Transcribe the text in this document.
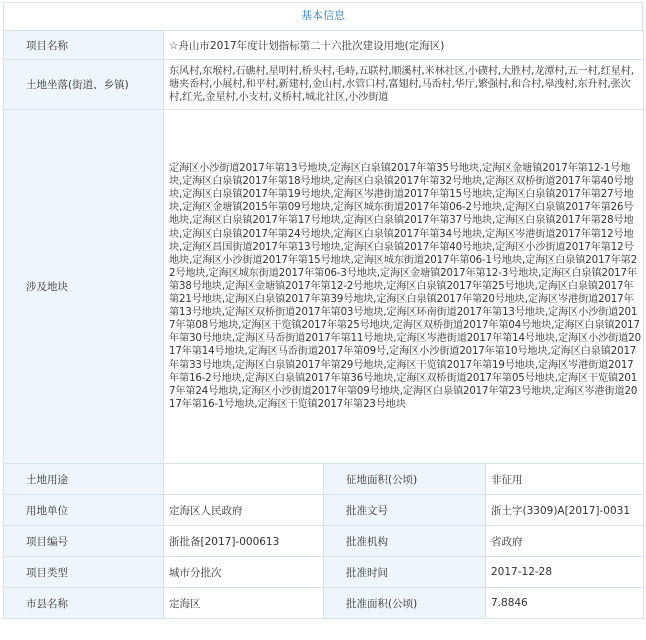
基本信息
项目名称	☆舟山市2017年度计划指标第二十六批次建设用地(定海区)		
土地坐落(街道、乡镇)	东风村,东堠村,石礁村,星明村,桥头村,毛峙,五联村,顺溪村,米林社区,小碶村,大胜村,龙潭村,五一村,红星村,塘夹岙村,小展村,和平村,新建村,金山村,水管口村,富翅村,马岙村,华厅,繁强村,和合村,皋洩村,东升村,张次村,红光,金星村,小支村,义桥村,城北社区,小沙街道		
涉及地块	定海区小沙街道2017年第13号地块,定海区白泉镇2017年第35号地块,定海区金塘镇2017年第12-1号地块,定海区白泉镇2017年第18号地块,定海区白泉镇2017年第32号地块,定海区双桥街道2017年第40号地块,定海区白泉镇2017年第19号地块,定海区岑港街道2017年第15号地块,定海区白泉镇2017年第27号地块,定海区金塘镇2015年第09号地块,定海区城东街道2017年第06-2号地块,定海区白泉镇2017年第26号地块,定海区白泉镇2017年第17号地块,定海区白泉镇2017年第37号地块,定海区白泉镇2017年第28号地块,定海区白泉镇2017年第24号地块,定海区白泉镇2017年第34号地块,定海区岑港街道2017年第12号地块,定海区昌国街道2017年第13号地块,定海区白泉镇2017年第40号地块,定海区小沙街道2017年第12号地块,定海区小沙街道2017年第15号地块,定海区城东街道2017年第06-1号地块,定海区白泉镇2017年第22号地块,定海区城东街道2017年第06-3号地块,定海区金塘镇2017年第12-3号地块,定海区白泉镇2017年第38号地块,定海区金塘镇2017年第12-2号地块,定海区白泉镇2017年第25号地块,定海区白泉镇2017年第21号地块,定海区白泉镇2017年第39号地块,定海区白泉镇2017年第20号地块,定海区岑港街道2017年第13号地块,定海区双桥街道2017年第03号地块,定海区环南街道2017年第13号地块,定海区小沙街道2017年第08号地块,定海区干览镇2017年第25号地块,定海区双桥街道2017年第04号地块,定海区白泉镇2017年第30号地块,定海区马岙街道2017年第11号地块,定海区岑港街道2017年第14号地块,定海区小沙街道2017年第14号地块,定海区马岙街道2017年第09号,定海区小沙街道2017年第10号地块,定海区白泉镇2017年第33号地块,定海区白泉镇2017年第29号地块,定海区干览镇2017年第19号地块,定海区岑港街道2017年第16-2号地块,定海区白泉镇2017年第36号地块,定海区双桥街道2017年第05号地块,定海区干览镇2017年第24号地块,定海区小沙街道2017年第09号地块,定海区白泉镇2017年第23号地块,定海区岑港街道2017年第16-1号地块,定海区干览镇2017年第23号地块		
土地用途		征地面积(公顷)	非征用
用地单位	定海区人民政府	批准文号	浙土字(3309)A[2017]-0031
项目编号	浙批备[2017]-000613	批准机构	省政府
项目类型	城市分批次	批准时间	2017-12-28
市县名称	定海区	批准面积(公顷)	7.8846
